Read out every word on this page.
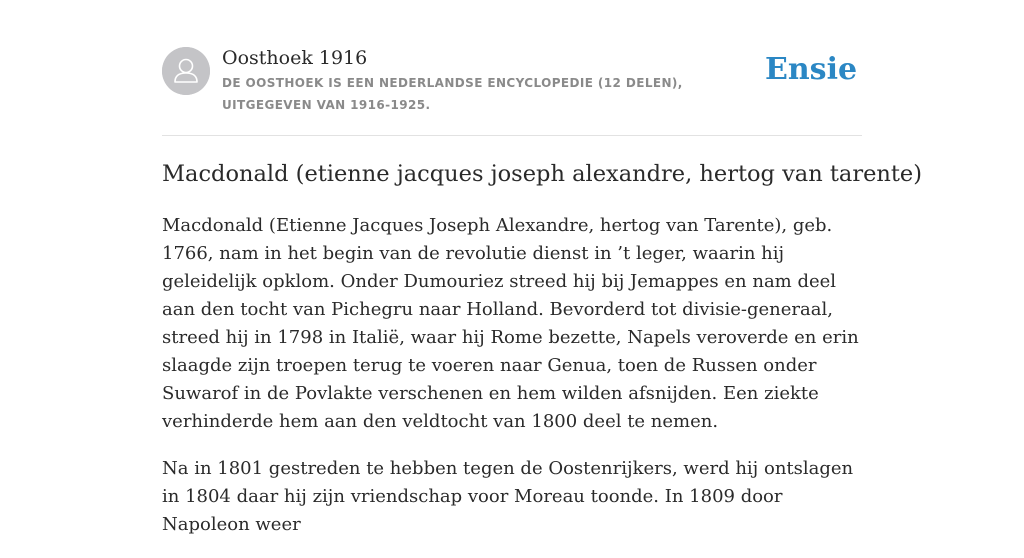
Oosthoek 1916
DE OOSTHOEK IS EEN NEDERLANDSE ENCYCLOPEDIE (12 DELEN), UITGEGEVEN VAN 1916-1925.
Ensie
Macdonald (etienne jacques joseph alexandre, hertog van tarente)

Macdonald (Etienne Jacques Joseph Alexandre, hertog van Tarente), geb. 1766, nam in het begin van de revolutie dienst in ’t leger, waarin hij geleidelijk opklom. Onder Dumouriez streed hij bij Jemappes en nam deel aan den tocht van Pichegru naar Holland. Bevorderd tot divisie-generaal, streed hij in 1798 in Italië, waar hij Rome bezette, Napels veroverde en erin slaagde zijn troepen terug te voeren naar Genua, toen de Russen onder Suwarof in de Povlakte verschenen en hem wilden afsnijden. Een ziekte verhinderde hem aan den veldtocht van 1800 deel te nemen.

Na in 1801 gestreden te hebben tegen de Oostenrijkers, werd hij ontslagen in 1804 daar hij zijn vriendschap voor Moreau toonde. In 1809 door Napoleon weer
